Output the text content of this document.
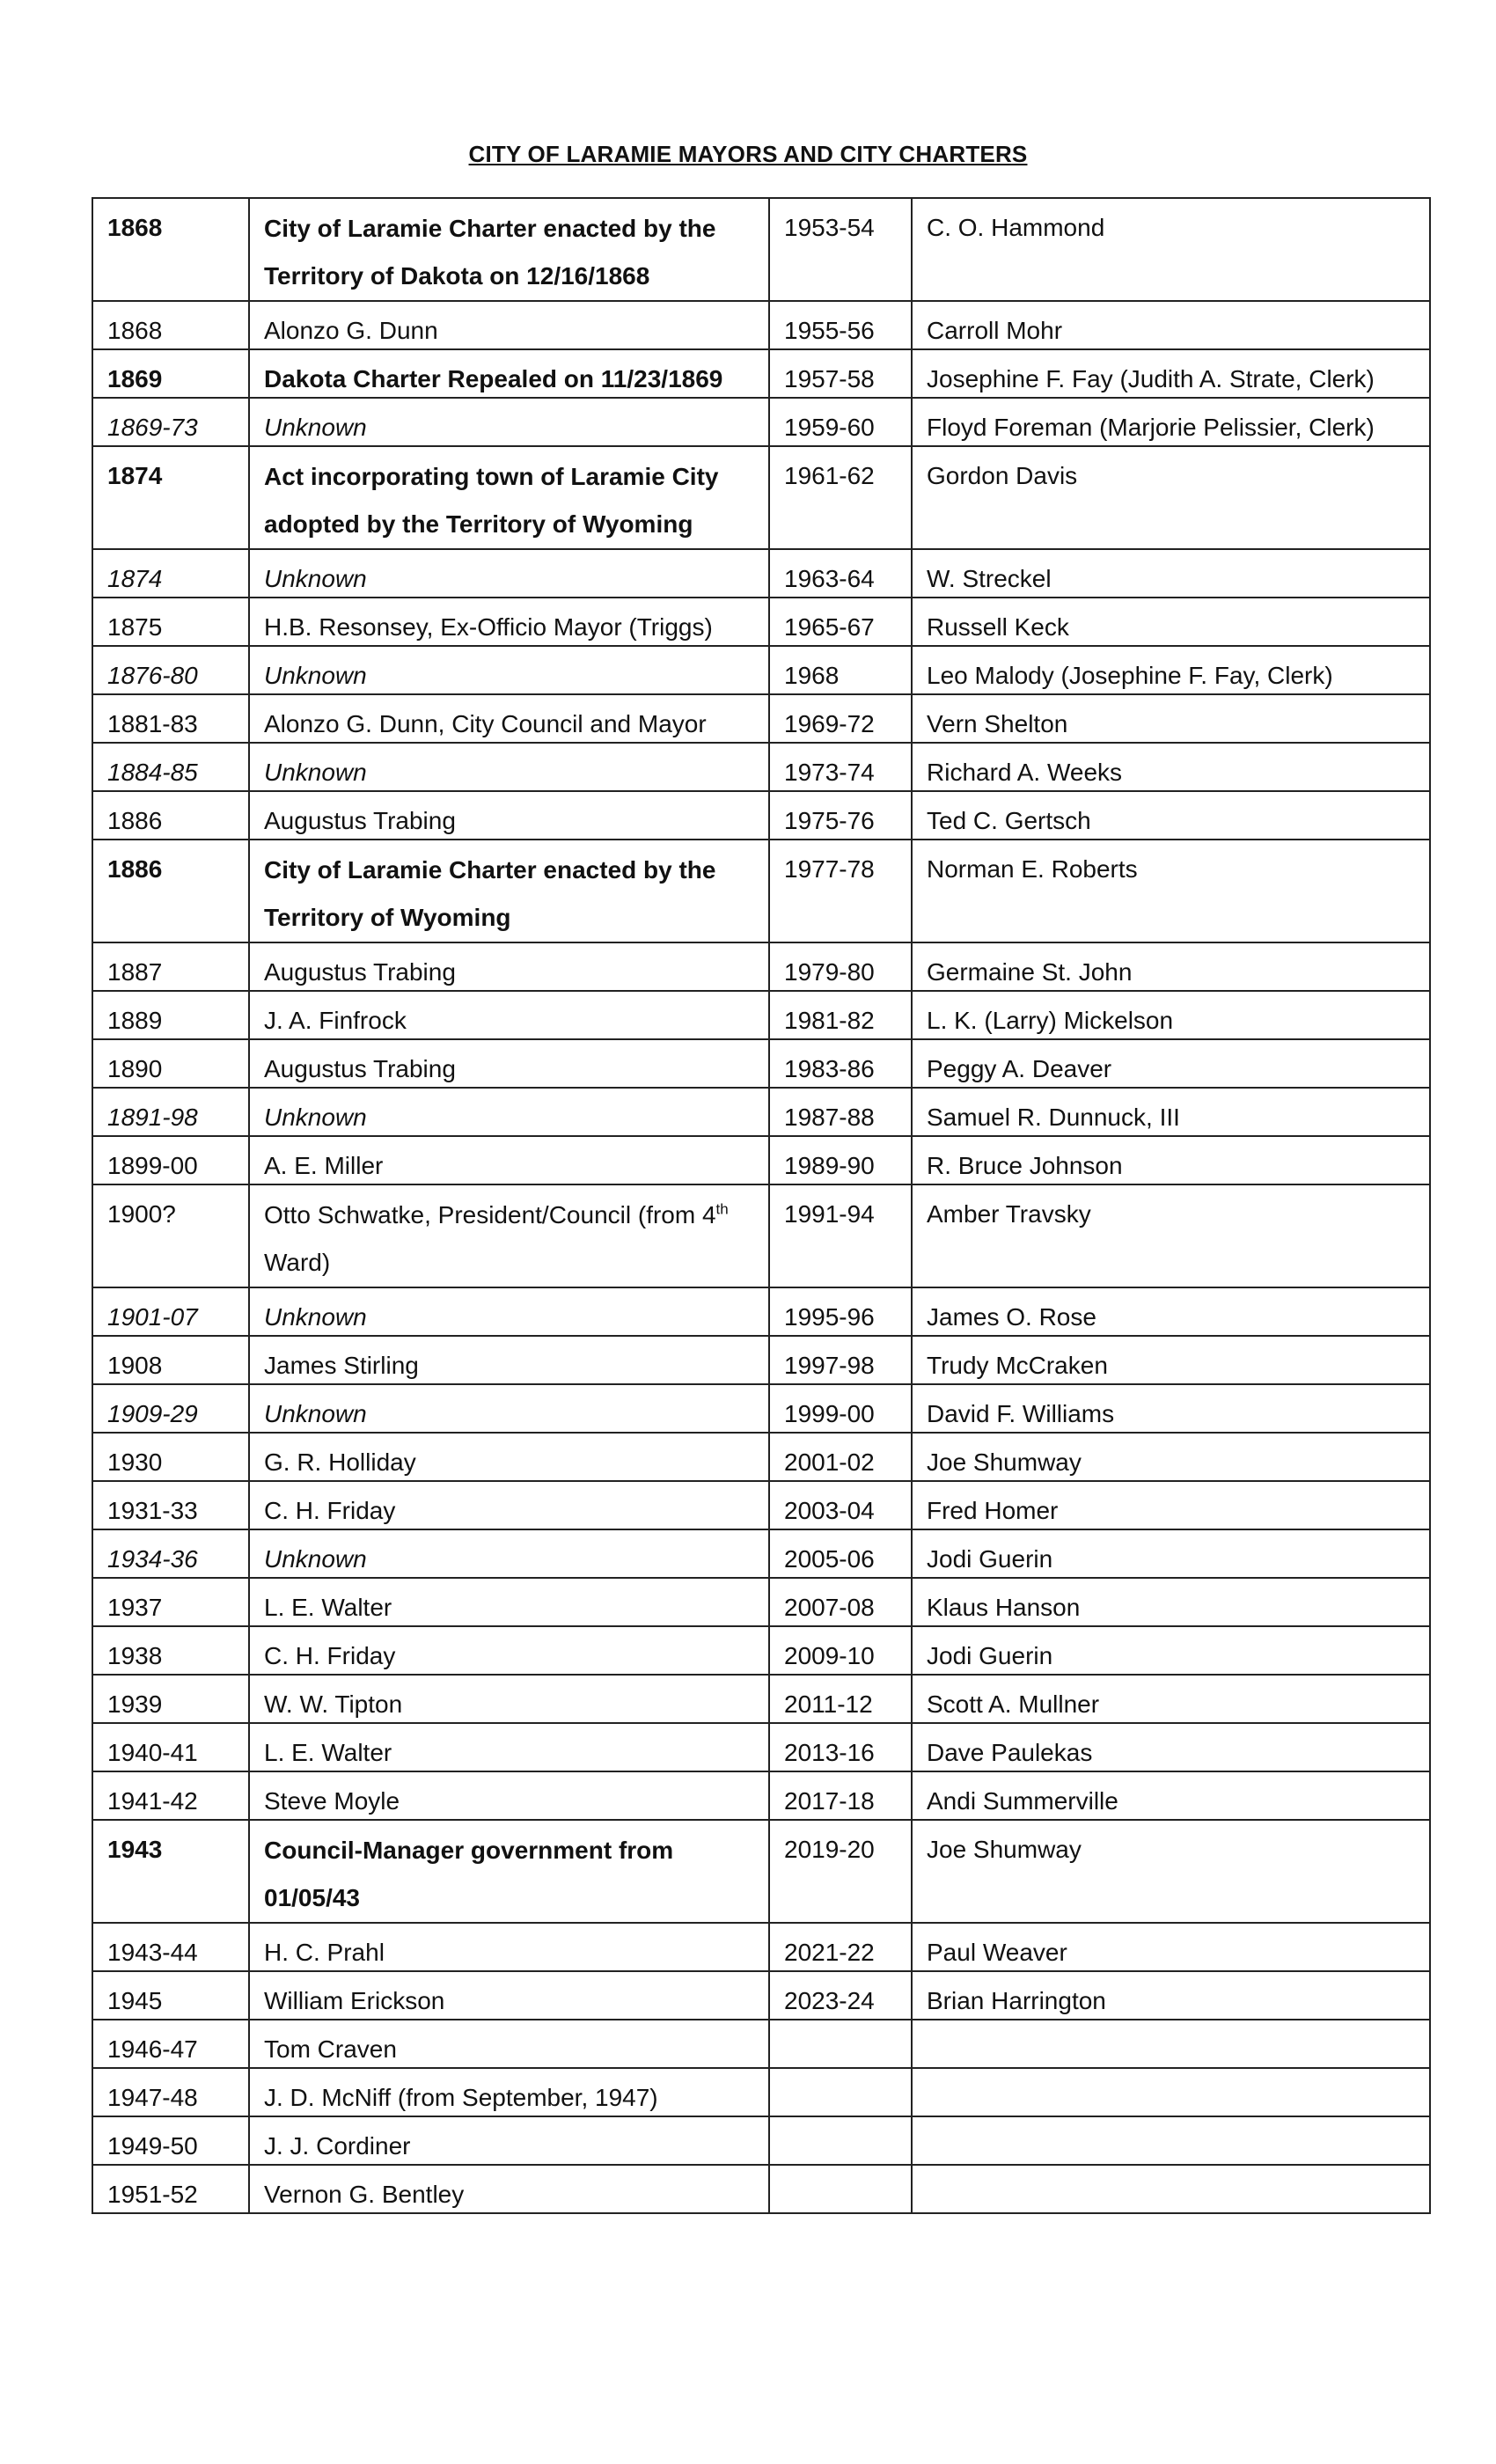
CITY OF LARAMIE MAYORS AND CITY CHARTERS
1868	City of Laramie Charter enacted by the Territory of Dakota on 12/16/1868	1953-54	C. O. Hammond
1868	Alonzo G. Dunn	1955-56	Carroll Mohr
1869	Dakota Charter Repealed on 11/23/1869	1957-58	Josephine F. Fay (Judith A. Strate, Clerk)
1869-73	Unknown	1959-60	Floyd Foreman (Marjorie Pelissier, Clerk)
1874	Act incorporating town of Laramie City adopted by the Territory of Wyoming	1961-62	Gordon Davis
1874	Unknown	1963-64	W. Streckel
1875	H.B. Resonsey, Ex-Officio Mayor (Triggs)	1965-67	Russell Keck
1876-80	Unknown	1968	Leo Malody (Josephine F. Fay, Clerk)
1881-83	Alonzo G. Dunn, City Council and Mayor	1969-72	Vern Shelton
1884-85	Unknown	1973-74	Richard A. Weeks
1886	Augustus Trabing	1975-76	Ted C. Gertsch
1886	City of Laramie Charter enacted by the Territory of Wyoming	1977-78	Norman E. Roberts
1887	Augustus Trabing	1979-80	Germaine St. John
1889	J. A. Finfrock	1981-82	L. K. (Larry) Mickelson
1890	Augustus Trabing	1983-86	Peggy A. Deaver
1891-98	Unknown	1987-88	Samuel R. Dunnuck, III
1899-00	A. E. Miller	1989-90	R. Bruce Johnson
1900?	Otto Schwatke, President/Council (from 4th Ward)	1991-94	Amber Travsky
1901-07	Unknown	1995-96	James O. Rose
1908	James Stirling	1997-98	Trudy McCraken
1909-29	Unknown	1999-00	David F. Williams
1930	G. R. Holliday	2001-02	Joe Shumway
1931-33	C. H. Friday	2003-04	Fred Homer
1934-36	Unknown	2005-06	Jodi Guerin
1937	L. E. Walter	2007-08	Klaus Hanson
1938	C. H. Friday	2009-10	Jodi Guerin
1939	W. W. Tipton	2011-12	Scott A. Mullner
1940-41	L. E. Walter	2013-16	Dave Paulekas
1941-42	Steve Moyle	2017-18	Andi Summerville
1943	Council-Manager government from 01/05/43	2019-20	Joe Shumway
1943-44	H. C. Prahl	2021-22	Paul Weaver
1945	William Erickson	2023-24	Brian Harrington
1946-47	Tom Craven		
1947-48	J. D. McNiff (from September, 1947)		
1949-50	J. J. Cordiner		
1951-52	Vernon G. Bentley		
